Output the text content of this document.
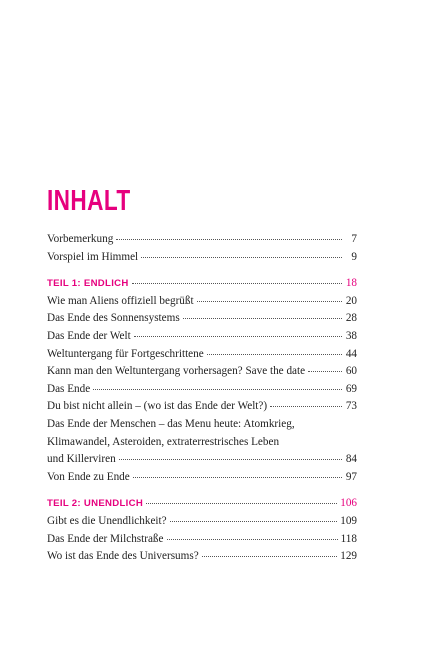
INHALT
Vorbemerkung	7
Vorspiel im Himmel	9
TEIL 1: ENDLICH	18
Wie man Aliens offiziell begrüßt	20
Das Ende des Sonnensystems	28
Das Ende der Welt	38
Weltuntergang für Fortgeschrittene	44
Kann man den Weltuntergang vorhersagen? Save the date	60
Das Ende	69
Du bist nicht allein – (wo ist das Ende der Welt?)	73
Das Ende der Menschen – das Menu heute: Atomkrieg,
Klimawandel, Asteroiden, extraterrestrisches Leben
und Killerviren	84
Von Ende zu Ende	97
TEIL 2: UNENDLICH	106
Gibt es die Unendlichkeit?	109
Das Ende der Milchstraße	118
Wo ist das Ende des Universums?	129
